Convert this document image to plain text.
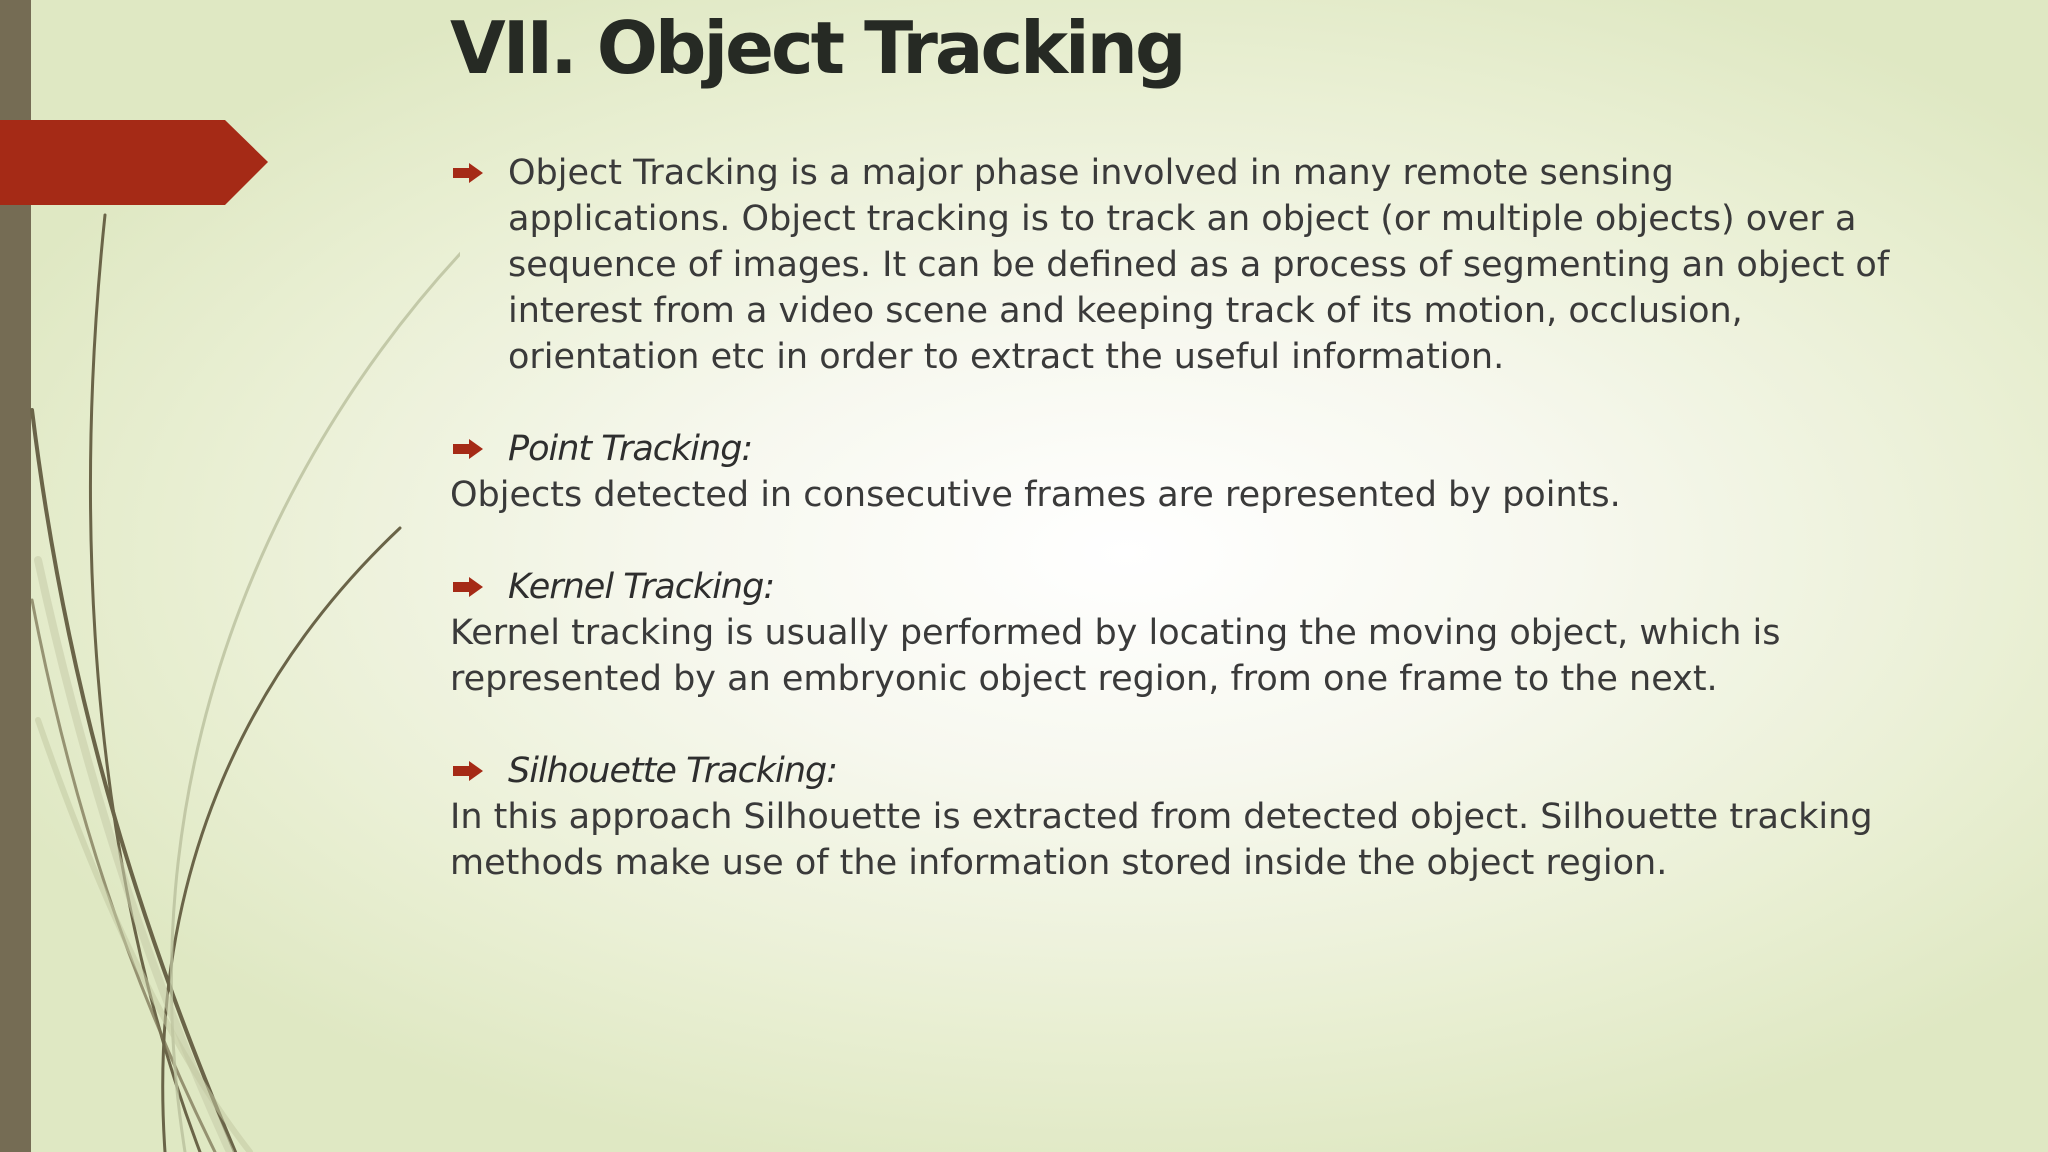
VII. Object Tracking
Object Tracking is a major phase involved in many remote sensing applications. Object tracking is to track an object (or multiple objects) over a sequence of images. It can be defined as a process of segmenting an object of interest from a video scene and keeping track of its motion, occlusion, orientation etc in order to extract the useful information.
Point Tracking:
Objects detected in consecutive frames are represented by points.
Kernel Tracking:
Kernel tracking is usually performed by locating the moving object, which is represented by an embryonic object region, from one frame to the next.
Silhouette Tracking:
In this approach Silhouette is extracted from detected object. Silhouette tracking methods make use of the information stored inside the object region.
